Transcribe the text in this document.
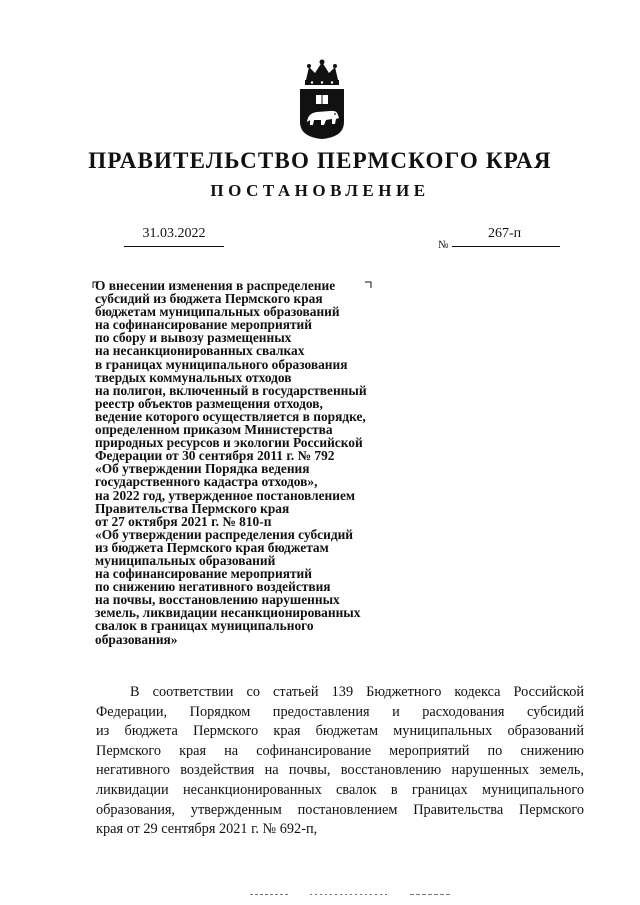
ПРАВИТЕЛЬСТВО ПЕРМСКОГО КРАЯ
ПОСТАНОВЛЕНИЕ
31.03.2022
№
267-п
О внесении изменения в распределение
субсидий из бюджета Пермского края
бюджетам муниципальных образований
на софинансирование мероприятий
по сбору и вывозу размещенных
на несанкционированных свалках
в границах муниципального образования
твердых коммунальных отходов
на полигон, включенный в государственный
реестр объектов размещения отходов,
ведение которого осуществляется в порядке,
определенном приказом Министерства
природных ресурсов и экологии Российской
Федерации от 30 сентября 2011 г. № 792
«Об утверждении Порядка ведения
государственного кадастра отходов»,
на 2022 год, утвержденное постановлением
Правительства Пермского края
от 27 октября 2021 г. № 810-п
«Об утверждении распределения субсидий
из бюджета Пермского края бюджетам
муниципальных образований
на софинансирование мероприятий
по снижению негативного воздействия
на почвы, восстановлению нарушенных
земель, ликвидации несанкционированных
свалок в границах муниципального
образования»
В соответствии со статьей 139 Бюджетного кодекса Российской
Федерации, Порядком предоставления и расходования субсидий
из бюджета Пермского края бюджетам муниципальных образований
Пермского края на софинансирование мероприятий по снижению
негативного воздействия на почвы, восстановлению нарушенных земель,
ликвидации несанкционированных свалок в границах муниципального
образования, утвержденным постановлением Правительства Пермского
края от 29 сентября 2021 г. № 692-п,
